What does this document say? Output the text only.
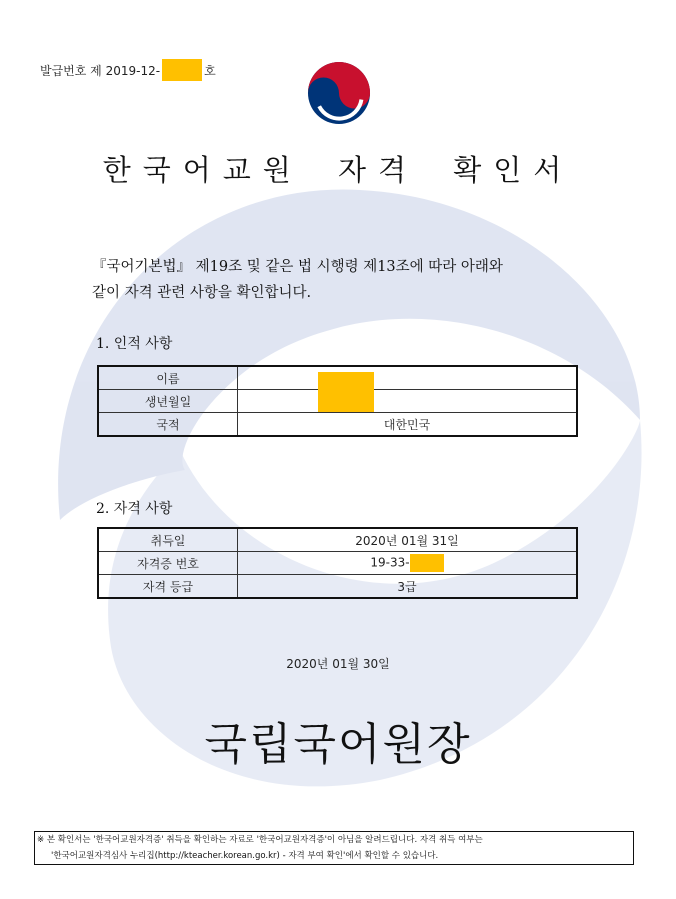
발급번호 제 2019-12-	호
한국어교원 자격 확인서
『국어기본법』 제19조 및 같은 법 시행령 제13조에 따라 아래와
같이 자격 관련 사항을 확인합니다.
1. 인적 사항
이름	
생년월일	
국적	대한민국
2. 자격 사항
취득일	2020년 01월 31일
자격증 번호	19-33-
자격 등급	3급
2020년 01월 30일
국립국어원장
※ 본 확인서는 '한국어교원자격증' 취득을 확인하는 자료로 '한국어교원자격증'이 아님을 알려드립니다. 자격 취득 여부는
'한국어교원자격심사 누리집(http://kteacher.korean.go.kr) - 자격 부여 확인'에서 확인할 수 있습니다.
